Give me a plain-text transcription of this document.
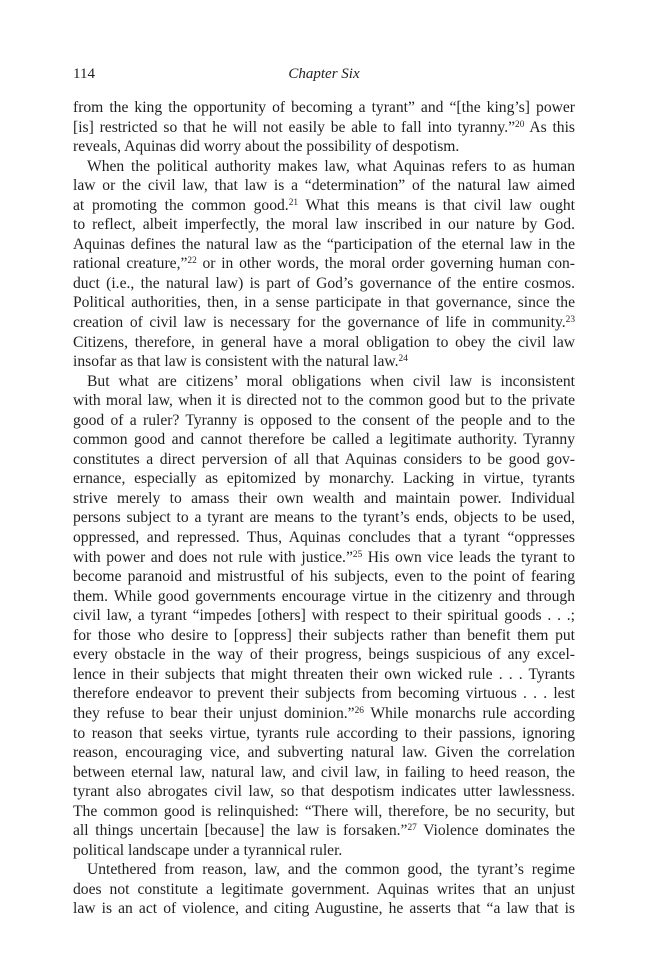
114	Chapter Six
from the king the opportunity of becoming a tyrant” and “[the king’s] power
[is] restricted so that he will not easily be able to fall into tyranny.”$^{20}$ As this
reveals, Aquinas did worry about the possibility of despotism.
When the political authority makes law, what Aquinas refers to as human
law or the civil law, that law is a “determination” of the natural law aimed
at promoting the common good.$^{21}$ What this means is that civil law ought
to reflect, albeit imperfectly, the moral law inscribed in our nature by God.
Aquinas defines the natural law as the “participation of the eternal law in the
rational creature,”$^{22}$ or in other words, the moral order governing human con-
duct (i.e., the natural law) is part of God’s governance of the entire cosmos.
Political authorities, then, in a sense participate in that governance, since the
creation of civil law is necessary for the governance of life in community.$^{23}$
Citizens, therefore, in general have a moral obligation to obey the civil law
insofar as that law is consistent with the natural law.$^{24}$
But what are citizens’ moral obligations when civil law is inconsistent
with moral law, when it is directed not to the common good but to the private
good of a ruler? Tyranny is opposed to the consent of the people and to the
common good and cannot therefore be called a legitimate authority. Tyranny
constitutes a direct perversion of all that Aquinas considers to be good gov-
ernance, especially as epitomized by monarchy. Lacking in virtue, tyrants
strive merely to amass their own wealth and maintain power. Individual
persons subject to a tyrant are means to the tyrant’s ends, objects to be used,
oppressed, and repressed. Thus, Aquinas concludes that a tyrant “oppresses
with power and does not rule with justice.”$^{25}$ His own vice leads the tyrant to
become paranoid and mistrustful of his subjects, even to the point of fearing
them. While good governments encourage virtue in the citizenry and through
civil law, a tyrant “impedes [others] with respect to their spiritual goods . . .;
for those who desire to [oppress] their subjects rather than benefit them put
every obstacle in the way of their progress, beings suspicious of any excel-
lence in their subjects that might threaten their own wicked rule . . . Tyrants
therefore endeavor to prevent their subjects from becoming virtuous . . . lest
they refuse to bear their unjust dominion.”$^{26}$ While monarchs rule according
to reason that seeks virtue, tyrants rule according to their passions, ignoring
reason, encouraging vice, and subverting natural law. Given the correlation
between eternal law, natural law, and civil law, in failing to heed reason, the
tyrant also abrogates civil law, so that despotism indicates utter lawlessness.
The common good is relinquished: “There will, therefore, be no security, but
all things uncertain [because] the law is forsaken.”$^{27}$ Violence dominates the
political landscape under a tyrannical ruler.
Untethered from reason, law, and the common good, the tyrant’s regime
does not constitute a legitimate government. Aquinas writes that an unjust
law is an act of violence, and citing Augustine, he asserts that “a law that is
